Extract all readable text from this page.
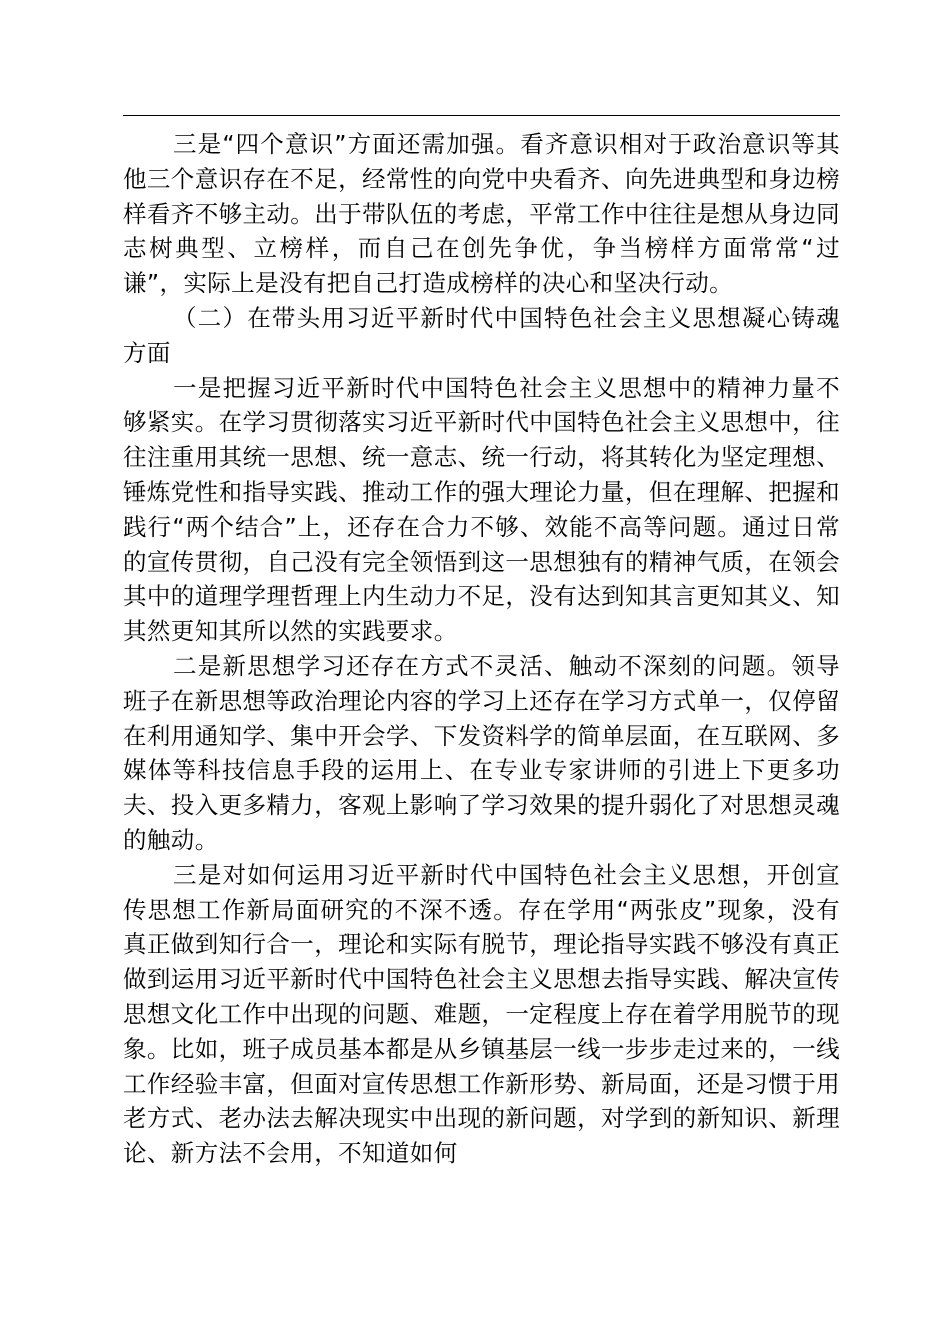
三是“四个意识”方面还需加强。看齐意识相对于政治意识等其他三个意识存在不足，经常性的向党中央看齐、向先进典型和身边榜样看齐不够主动。出于带队伍的考虑，平常工作中往往是想从身边同志树典型、立榜样，而自己在创先争优，争当榜样方面常常“过谦”，实际上是没有把自己打造成榜样的决心和坚决行动。

（二）在带头用习近平新时代中国特色社会主义思想凝心铸魂方面

一是把握习近平新时代中国特色社会主义思想中的精神力量不够紧实。在学习贯彻落实习近平新时代中国特色社会主义思想中，往往注重用其统一思想、统一意志、统一行动，将其转化为坚定理想、锤炼党性和指导实践、推动工作的强大理论力量，但在理解、把握和践行“两个结合”上，还存在合力不够、效能不高等问题。通过日常的宣传贯彻，自己没有完全领悟到这一思想独有的精神气质，在领会其中的道理学理哲理上内生动力不足，没有达到知其言更知其义、知其然更知其所以然的实践要求。

二是新思想学习还存在方式不灵活、触动不深刻的问题。领导班子在新思想等政治理论内容的学习上还存在学习方式单一，仅停留在利用通知学、集中开会学、下发资料学的简单层面，在互联网、多媒体等科技信息手段的运用上、在专业专家讲师的引进上下更多功夫、投入更多精力，客观上影响了学习效果的提升弱化了对思想灵魂的触动。

三是对如何运用习近平新时代中国特色社会主义思想，开创宣传思想工作新局面研究的不深不透。存在学用“两张皮”现象，没有真正做到知行合一，理论和实际有脱节，理论指导实践不够没有真正做到运用习近平新时代中国特色社会主义思想去指导实践、解决宣传思想文化工作中出现的问题、难题，一定程度上存在着学用脱节的现象。比如，班子成员基本都是从乡镇基层一线一步步走过来的，一线工作经验丰富，但面对宣传思想工作新形势、新局面，还是习惯于用老方式、老办法去解决现实中出现的新问题，对学到的新知识、新理论、新方法不会用，不知道如何
